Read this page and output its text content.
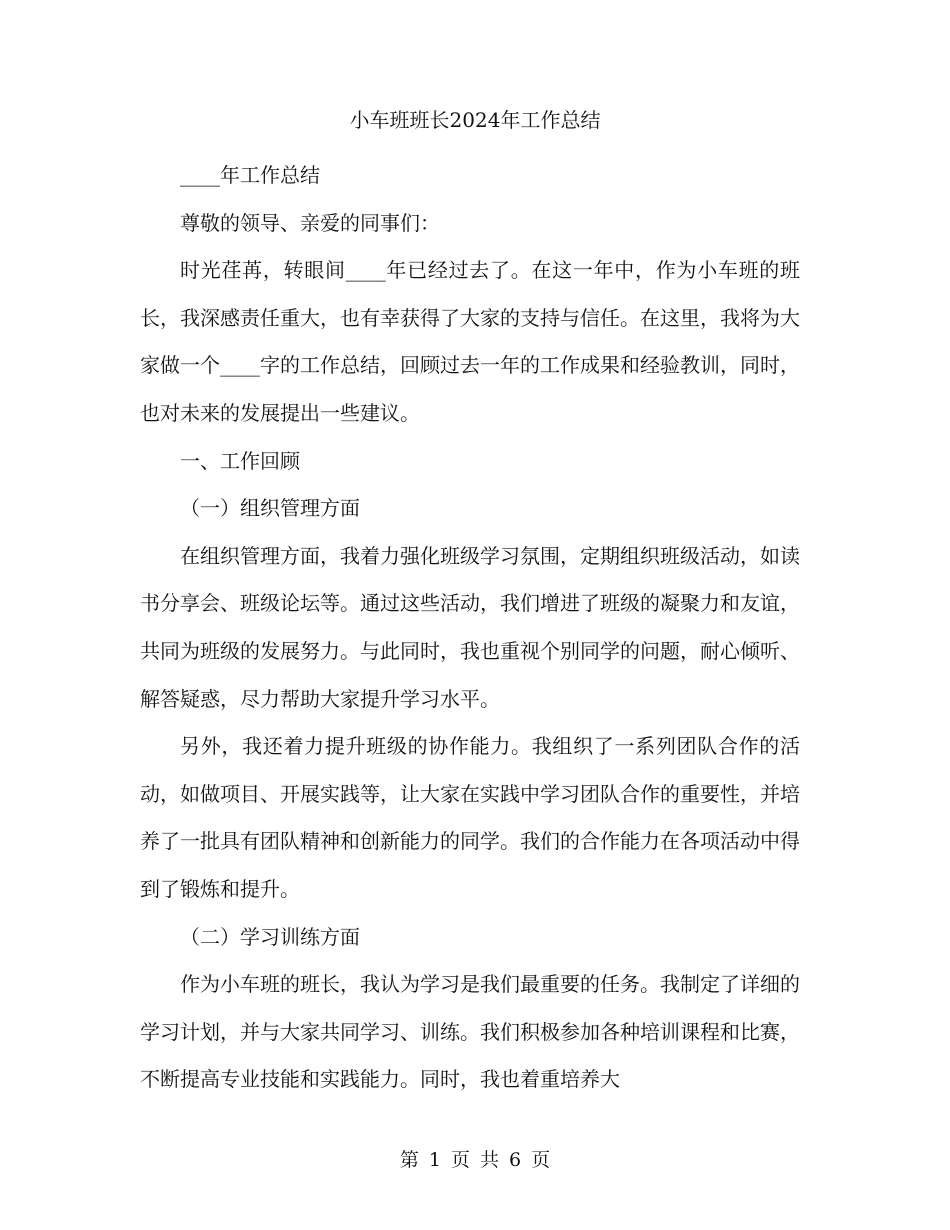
小车班班长2024年工作总结

____年工作总结

尊敬的领导、亲爱的同事们：

时光荏苒，转眼间____年已经过去了。在这一年中，作为小车班的班长，我深感责任重大，也有幸获得了大家的支持与信任。在这里，我将为大家做一个____字的工作总结，回顾过去一年的工作成果和经验教训，同时，也对未来的发展提出一些建议。

一、工作回顾

（一）组织管理方面

在组织管理方面，我着力强化班级学习氛围，定期组织班级活动，如读书分享会、班级论坛等。通过这些活动，我们增进了班级的凝聚力和友谊，共同为班级的发展努力。与此同时，我也重视个别同学的问题，耐心倾听、解答疑惑，尽力帮助大家提升学习水平。

另外，我还着力提升班级的协作能力。我组织了一系列团队合作的活动，如做项目、开展实践等，让大家在实践中学习团队合作的重要性，并培养了一批具有团队精神和创新能力的同学。我们的合作能力在各项活动中得到了锻炼和提升。

（二）学习训练方面

作为小车班的班长，我认为学习是我们最重要的任务。我制定了详细的学习计划，并与大家共同学习、训练。我们积极参加各种培训课程和比赛，不断提高专业技能和实践能力。同时，我也着重培养大

第 1 页 共 6 页
